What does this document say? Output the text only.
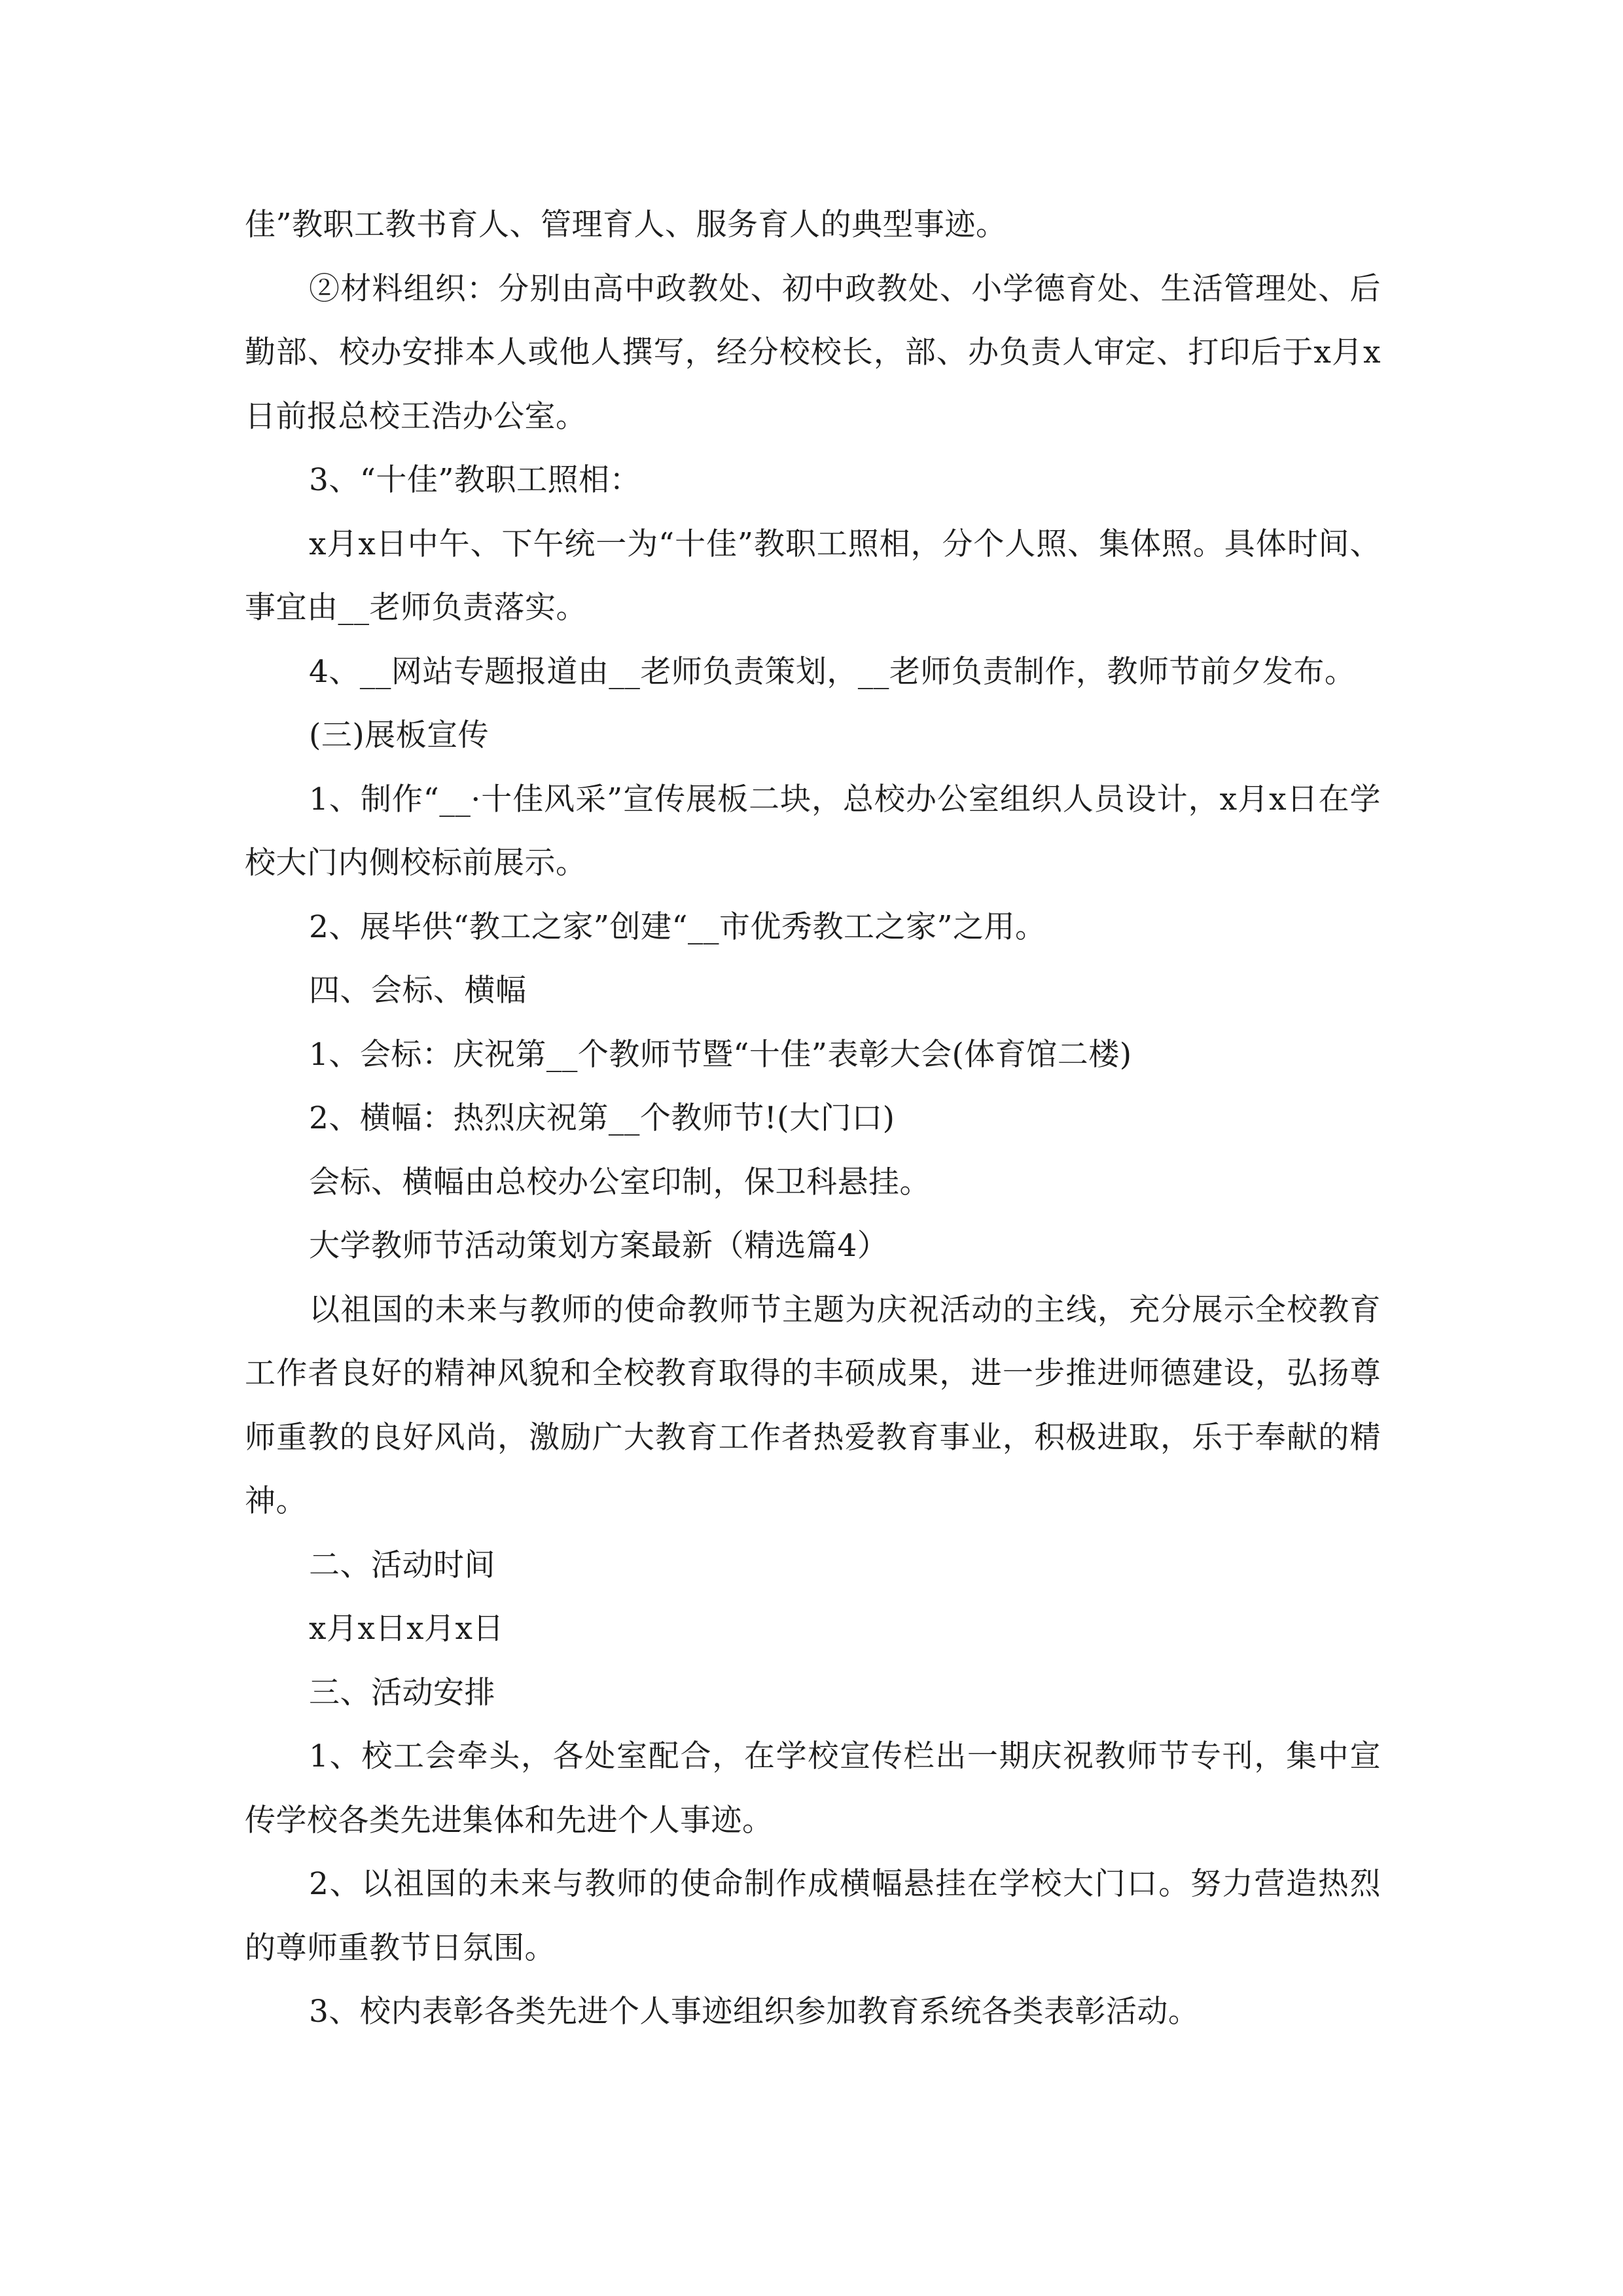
佳”教职工教书育人、管理育人、服务育人的典型事迹。

②材料组织：分别由高中政教处、初中政教处、小学德育处、生活管理处、后勤部、校办安排本人或他人撰写，经分校校长，部、办负责人审定、打印后于x月x日前报总校王浩办公室。

3、“十佳”教职工照相：

x月x日中午、下午统一为“十佳”教职工照相，分个人照、集体照。具体时间、事宜由__老师负责落实。

4、__网站专题报道由__老师负责策划，__老师负责制作，教师节前夕发布。

(三)展板宣传

1、制作“__·十佳风采”宣传展板二块，总校办公室组织人员设计，x月x日在学校大门内侧校标前展示。

2、展毕供“教工之家”创建“__市优秀教工之家”之用。

四、会标、横幅

1、会标：庆祝第__个教师节暨“十佳”表彰大会(体育馆二楼)

2、横幅：热烈庆祝第__个教师节!(大门口)

会标、横幅由总校办公室印制，保卫科悬挂。

大学教师节活动策划方案最新（精选篇4）

以祖国的未来与教师的使命教师节主题为庆祝活动的主线，充分展示全校教育工作者良好的精神风貌和全校教育取得的丰硕成果，进一步推进师德建设，弘扬尊师重教的良好风尚，激励广大教育工作者热爱教育事业，积极进取，乐于奉献的精神。

二、活动时间

x月x日x月x日

三、活动安排

1、校工会牵头，各处室配合，在学校宣传栏出一期庆祝教师节专刊，集中宣传学校各类先进集体和先进个人事迹。

2、以祖国的未来与教师的使命制作成横幅悬挂在学校大门口。努力营造热烈的尊师重教节日氛围。

3、校内表彰各类先进个人事迹组织参加教育系统各类表彰活动。
